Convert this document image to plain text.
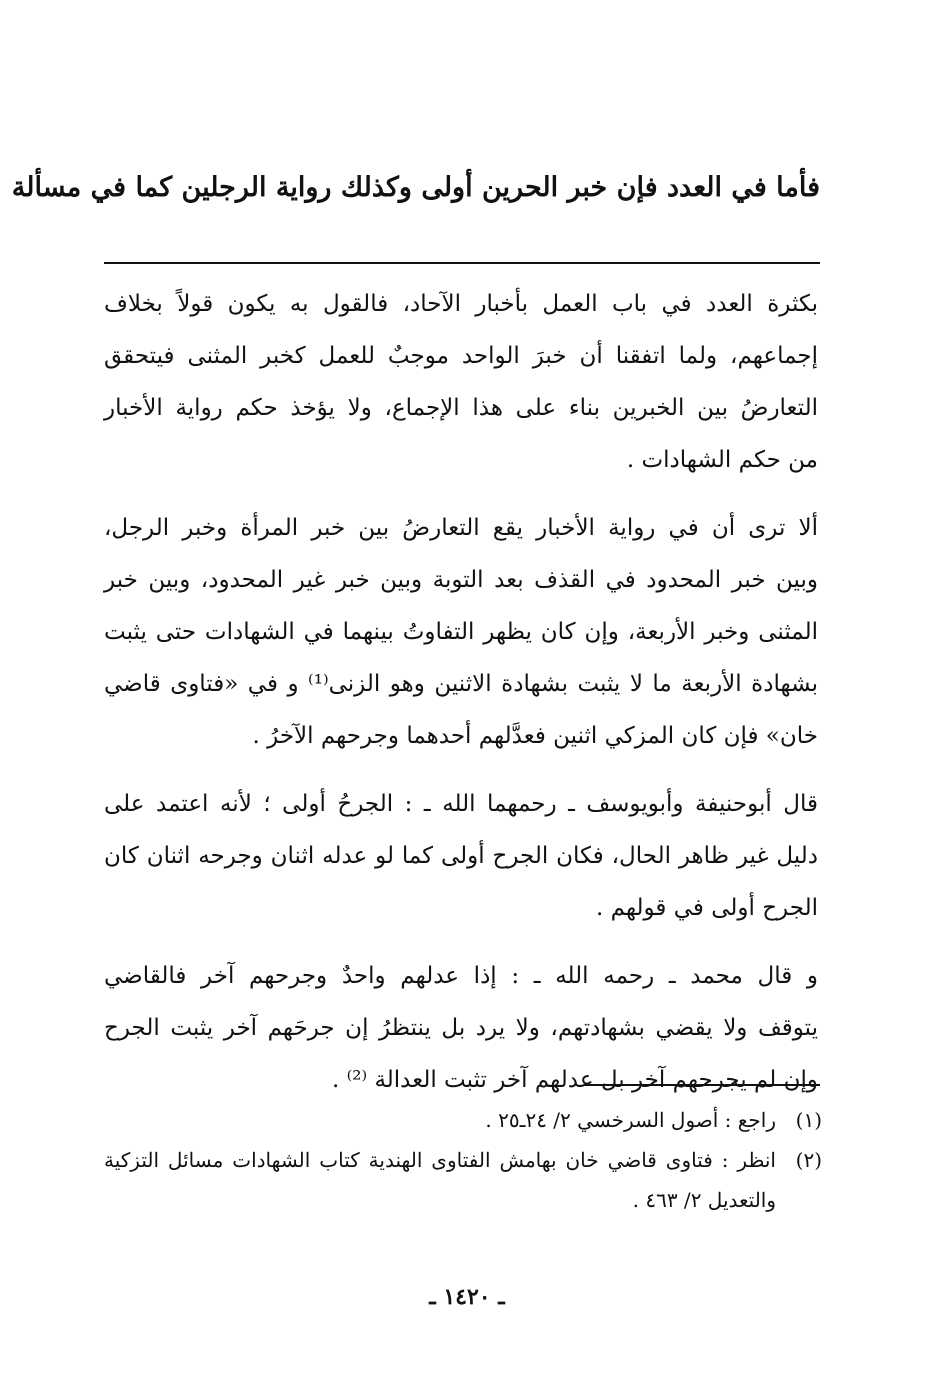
فأما في العدد فإن خبر الحرين أولى وكذلك رواية الرجلين كما في مسألة
بكثرة العدد في باب العمل بأخبار الآحاد، فالقول به يكون قولاً بخلاف
إجماعهم، ولما اتفقنا أن خبرَ الواحد موجبٌ للعمل كخبر المثنى فيتحقق
التعارضُ بين الخبرين بناء على هذا الإجماع، ولا يؤخذ حكم رواية الأخبار
من حكم الشهادات .
ألا ترى أن في رواية الأخبار يقع التعارضُ بين خبر المرأة وخبر الرجل،
وبين خبر المحدود في القذف بعد التوبة وبين خبر غير المحدود، وبين خبر
المثنى وخبر الأربعة، وإن كان يظهر التفاوتُ بينهما في الشهادات حتى يثبت
بشهادة الأربعة ما لا يثبت بشهادة الاثنين وهو الزنى⁽¹⁾ و في «فتاوى قاضي
خان» فإن كان المزكي اثنين فعدَّلهم أحدهما وجرحهم الآخرُ .
قال أبوحنيفة وأبويوسف ـ رحمهما الله ـ : الجرحُ أولى ؛ لأنه اعتمد على
دليل غير ظاهر الحال، فكان الجرح أولى كما لو عدله اثنان وجرحه اثنان كان
الجرح أولى في قولهم .
و قال محمد ـ رحمه الله ـ : إذا عدلهم واحدٌ وجرحهم آخر فالقاضي
يتوقف ولا يقضي بشهادتهم، ولا يرد بل ينتظرُ إن جرحَهم آخر يثبت الجرح
وإن لم يجرحهم آخر بل عدلهم آخر تثبت العدالة ⁽²⁾ .
(١)
راجع : أصول السرخسي ٢/ ٢٤ـ٢٥ .
(٢)
انظر : فتاوى قاضي خان بهامش الفتاوى الهندية كتاب الشهادات مسائل التزكية
والتعديل ٢/ ٤٦٣ .
ـ ١٤٢٠ ـ
